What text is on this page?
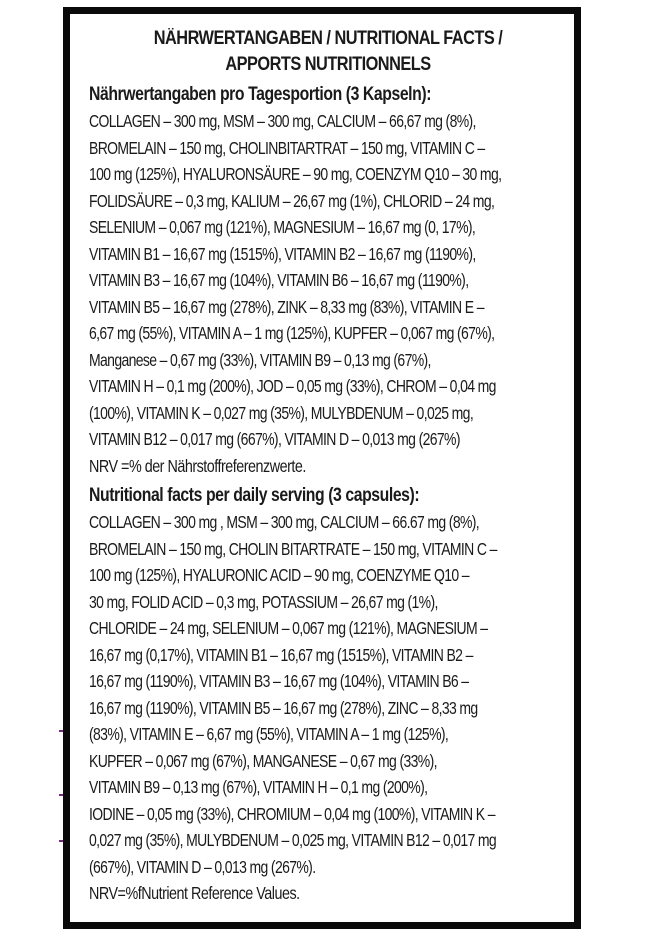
NÄHRWERTANGABEN / NUTRITIONAL FACTS /
APPORTS NUTRITIONNELS
Nährwertangaben pro Tagesportion (3 Kapseln):
COLLAGEN – 300 mg, MSM – 300 mg, CALCIUM – 66,67 mg (8%),
BROMELAIN – 150 mg, CHOLINBITARTRAT – 150 mg, VITAMIN C –
100 mg (125%), HYALURONSÄURE – 90 mg, COENZYM Q10 – 30 mg,
FOLIDSÄURE – 0,3 mg, KALIUM – 26,67 mg (1%), CHLORID – 24 mg,
SELENIUM – 0,067 mg (121%), MAGNESIUM – 16,67 mg (0, 17%),
VITAMIN B1 – 16,67 mg (1515%), VITAMIN B2 – 16,67 mg (1190%),
VITAMIN B3 – 16,67 mg (104%), VITAMIN B6 – 16,67 mg (1190%),
VITAMIN B5 – 16,67 mg (278%), ZINK – 8,33 mg (83%), VITAMIN E –
6,67 mg (55%), VITAMIN A – 1 mg (125%), KUPFER – 0,067 mg (67%),
Manganese – 0,67 mg (33%), VITAMIN B9 – 0,13 mg (67%),
VITAMIN H – 0,1 mg (200%), JOD – 0,05 mg (33%), CHROM – 0,04 mg
(100%), VITAMIN K – 0,027 mg (35%), MULYBDENUM – 0,025 mg,
VITAMIN B12 – 0,017 mg (667%), VITAMIN D – 0,013 mg (267%)
NRV =% der Nährstoffreferenzwerte.
Nutritional facts per daily serving (3 capsules):
COLLAGEN – 300 mg , MSM – 300 mg, CALCIUM – 66.67 mg (8%),
BROMELAIN – 150 mg, CHOLIN BITARTRATE – 150 mg, VITAMIN C –
100 mg (125%), HYALURONIC ACID – 90 mg, COENZYME Q10 –
30 mg, FOLID ACID – 0,3 mg, POTASSIUM – 26,67 mg (1%),
CHLORIDE – 24 mg, SELENIUM – 0,067 mg (121%), MAGNESIUM –
16,67 mg (0,17%), VITAMIN B1 – 16,67 mg (1515%), VITAMIN B2 –
16,67 mg (1190%), VITAMIN B3 – 16,67 mg (104%), VITAMIN B6 –
16,67 mg (1190%), VITAMIN B5 – 16,67 mg (278%), ZINC – 8,33 mg
(83%), VITAMIN E – 6,67 mg (55%), VITAMIN A – 1 mg (125%),
KUPFER – 0,067 mg (67%), MANGANESE – 0,67 mg (33%),
VITAMIN B9 – 0,13 mg (67%), VITAMIN H – 0,1 mg (200%),
IODINE – 0,05 mg (33%), CHROMIUM – 0,04 mg (100%), VITAMIN K –
0,027 mg (35%), MULYBDENUM – 0,025 mg, VITAMIN B12 – 0,017 mg
(667%), VITAMIN D – 0,013 mg (267%).
NRV=%fNutrient Reference Values.
